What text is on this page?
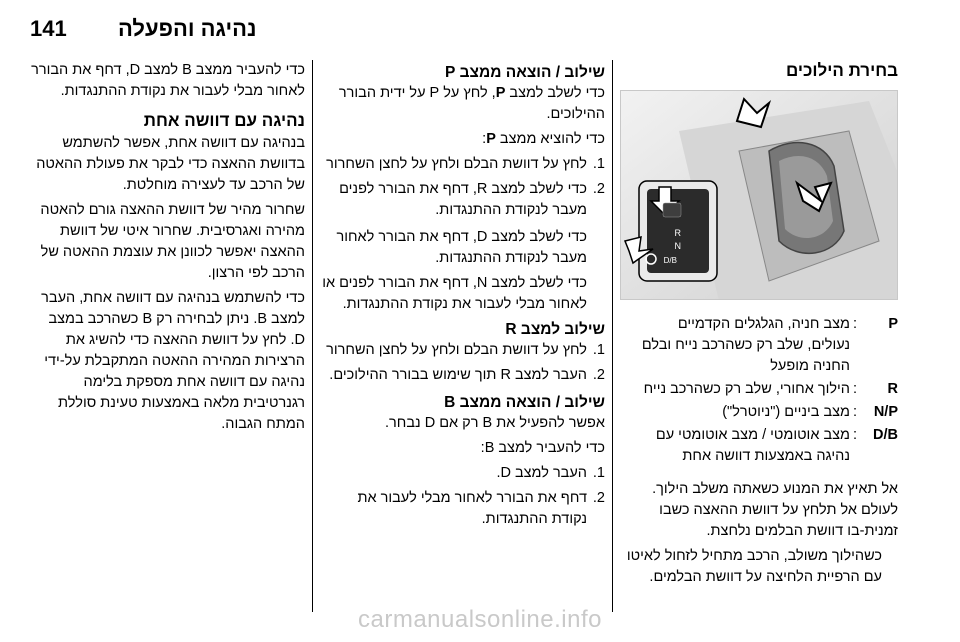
141 נהיגה והפעלה
בחירת הילוכים
R
N
D/B
P	:	מצב חניה, הגלגלים הקדמיים נעולים, שלב רק כשהרכב נייח ובלם החניה מופעל
R	:	הילוך אחורי, שלב רק כשהרכב נייח
N/P	:	מצב ביניים ("ניוטרל")
D/B	:	מצב אוטומטי / מצב אוטומטי עם נהיגה באמצעות דוושה אחת

אל תאיץ את המנוע כשאתה משלב הילוך. לעולם אל תלחץ על דוושת ההאצה כשבו זמנית-בו דוושת הבלמים נלחצת.

כשהילוך משולב, הרכב מתחיל לזחול לאיטו עם הרפיית הלחיצה על דוושת הבלמים.

שילוב / הוצאה ממצב P

כדי לשלב למצב P, לחץ על P על ידית הבורר ההילוכים.

כדי להוציא ממצב P:

1.
לחץ על דוושת הבלם ולחץ על לחצן השחרור
2.
כדי לשלב למצב R, דחף את הבורר לפנים מעבר לנקודת ההתנגדות.

כדי לשלב למצב D, דחף את הבורר לאחור מעבר לנקודת ההתנגדות.

כדי לשלב למצב N, דחף את הבורר לפנים או לאחור מבלי לעבור את נקודת ההתנגדות.

שילוב למצב R
1.
לחץ על דוושת הבלם ולחץ על לחצן השחרור
2.
העבר למצב R תוך שימוש בבורר ההילוכים.
שילוב / הוצאה ממצב B

אפשר להפעיל את B רק אם D נבחר.

כדי להעביר למצב B:

1.
העבר למצב D.
2.
דחף את הבורר לאחור מבלי לעבור את נקודת ההתנגדות.

כדי להעביר ממצב B למצב D, דחף את הבורר לאחור מבלי לעבור את נקודת ההתנגדות.

נהיגה עם דוושה אחת

בנהיגה עם דוושה אחת, אפשר להשתמש בדוושת ההאצה כדי לבקר את פעולת ההאטה של הרכב עד לעצירה מוחלטת.

שחרור מהיר של דוושת ההאצה גורם להאטה מהירה ואגרסיבית. שחרור איטי של דוושת ההאצה יאפשר לכוונן את עוצמת ההאטה של הרכב לפי הרצון.

כדי להשתמש בנהיגה עם דוושה אחת, העבר למצב B. ניתן לבחירה רק B כשהרכב במצב D. לחץ על דוושת ההאצה כדי להשיג את הרצירות המהירה ההאטה המתקבלת על-ידי נהיגה עם דוושה אחת מספקת בלימה רגנרטיבית מלאה באמצעות טעינת סוללת המתח הגבוה.

carmanualsonline.info
